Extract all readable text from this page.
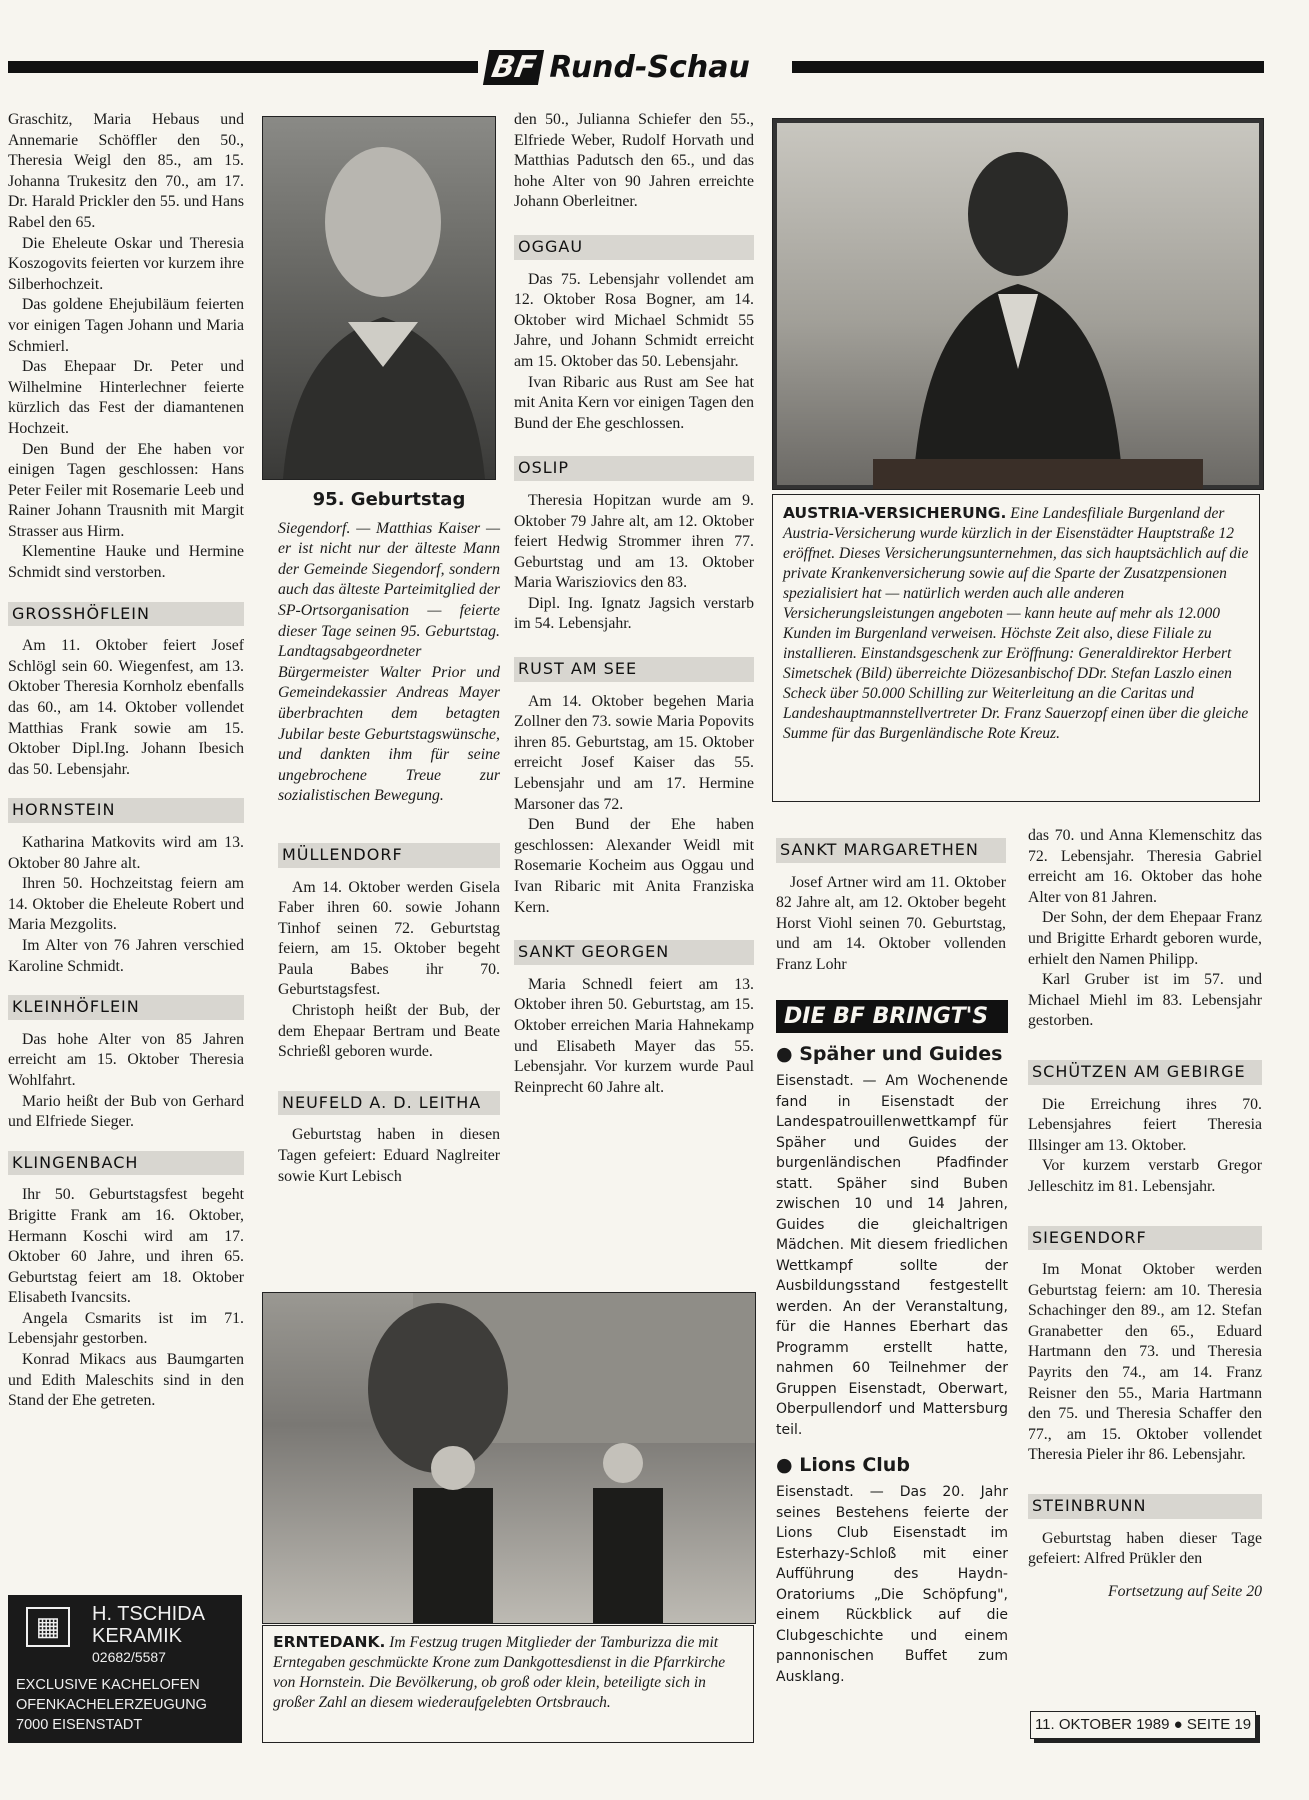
BF Rund-Schau

Graschitz, Maria Hebaus und Annemarie Schöffler den 50., Theresia Weigl den 85., am 15. Johanna Trukesitz den 70., am 17. Dr. Harald Prickler den 55. und Hans Rabel den 65.

Die Eheleute Oskar und Theresia Koszogovits feierten vor kurzem ihre Silberhochzeit.

Das goldene Ehejubiläum feierten vor einigen Tagen Johann und Maria Schmierl.

Das Ehepaar Dr. Peter und Wilhelmine Hinterlechner feierte kürzlich das Fest der diamantenen Hochzeit.

Den Bund der Ehe haben vor einigen Tagen geschlossen: Hans Peter Feiler mit Rosemarie Leeb und Rainer Johann Trausnith mit Margit Strasser aus Hirm.

Klementine Hauke und Hermine Schmidt sind verstorben.

GROSSHÖFLEIN

Am 11. Oktober feiert Josef Schlögl sein 60. Wiegenfest, am 13. Oktober Theresia Kornholz ebenfalls das 60., am 14. Oktober vollendet Matthias Frank sowie am 15. Oktober Dipl.Ing. Johann Ibesich das 50. Lebensjahr.

HORNSTEIN

Katharina Matkovits wird am 13. Oktober 80 Jahre alt.

Ihren 50. Hochzeitstag feiern am 14. Oktober die Eheleute Robert und Maria Mezgolits.

Im Alter von 76 Jahren verschied Karoline Schmidt.

KLEINHÖFLEIN

Das hohe Alter von 85 Jahren erreicht am 15. Oktober Theresia Wohlfahrt.

Mario heißt der Bub von Gerhard und Elfriede Sieger.

KLINGENBACH

Ihr 50. Geburtstagsfest begeht Brigitte Frank am 16. Oktober, Hermann Koschi wird am 17. Oktober 60 Jahre, und ihren 65. Geburtstag feiert am 18. Oktober Elisabeth Ivancsits.

Angela Csmarits ist im 71. Lebensjahr gestorben.

Konrad Mikacs aus Baumgarten und Edith Maleschits sind in den Stand der Ehe getreten.

▦	H. TSCHIDA
KERAMIK
02682/5587
EXCLUSIVE KACHELOFEN
OFENKACHELERZEUGUNG
7000 EISENSTADT
95. Geburtstag

Siegendorf. — Matthias Kaiser — er ist nicht nur der älteste Mann der Gemeinde Siegendorf, sondern auch das älteste Parteimitglied der SP-Ortsorganisation — feierte dieser Tage seinen 95. Geburtstag. Landtagsabgeordneter Bürgermeister Walter Prior und Gemeindekassier Andreas Mayer überbrachten dem betagten Jubilar beste Geburtstagswünsche, und dankten ihm für seine ungebrochene Treue zur sozialistischen Bewegung.

MÜLLENDORF

Am 14. Oktober werden Gisela Faber ihren 60. sowie Johann Tinhof seinen 72. Geburtstag feiern, am 15. Oktober begeht Paula Babes ihr 70. Geburtstagsfest.

Christoph heißt der Bub, der dem Ehepaar Bertram und Beate Schrießl geboren wurde.

NEUFELD A. D. LEITHA

Geburtstag haben in diesen Tagen gefeiert: Eduard Naglreiter sowie Kurt Lebisch

den 50., Julianna Schiefer den 55., Elfriede Weber, Rudolf Horvath und Matthias Padutsch den 65., und das hohe Alter von 90 Jahren erreichte Johann Oberleitner.

OGGAU

Das 75. Lebensjahr vollendet am 12. Oktober Rosa Bogner, am 14. Oktober wird Michael Schmidt 55 Jahre, und Johann Schmidt erreicht am 15. Oktober das 50. Lebensjahr.

Ivan Ribaric aus Rust am See hat mit Anita Kern vor einigen Tagen den Bund der Ehe geschlossen.

OSLIP

Theresia Hopitzan wurde am 9. Oktober 79 Jahre alt, am 12. Oktober feiert Hedwig Strommer ihren 77. Geburtstag und am 13. Oktober Maria Warisziovics den 83.

Dipl. Ing. Ignatz Jagsich verstarb im 54. Lebensjahr.

RUST AM SEE

Am 14. Oktober begehen Maria Zollner den 73. sowie Maria Popovits ihren 85. Geburtstag, am 15. Oktober erreicht Josef Kaiser das 55. Lebensjahr und am 17. Hermine Marsoner das 72.

Den Bund der Ehe haben geschlossen: Alexander Weidl mit Rosemarie Kocheim aus Oggau und Ivan Ribaric mit Anita Franziska Kern.

SANKT GEORGEN

Maria Schnedl feiert am 13. Oktober ihren 50. Geburtstag, am 15. Oktober erreichen Maria Hahnekamp und Elisabeth Mayer das 55. Lebensjahr. Vor kurzem wurde Paul Reinprecht 60 Jahre alt.

AUSTRIA-VERSICHERUNG. Eine Landesfiliale Burgenland der Austria-Versicherung wurde kürzlich in der Eisenstädter Hauptstraße 12 eröffnet. Dieses Versicherungsunternehmen, das sich hauptsächlich auf die private Krankenversicherung sowie auf die Sparte der Zusatzpensionen spezialisiert hat — natürlich werden auch alle anderen Versicherungsleistungen angeboten — kann heute auf mehr als 12.000 Kunden im Burgenland verweisen. Höchste Zeit also, diese Filiale zu installieren. Einstandsgeschenk zur Eröffnung: Generaldirektor Herbert Simetschek (Bild) überreichte Diözesanbischof DDr. Stefan Laszlo einen Scheck über 50.000 Schilling zur Weiterleitung an die Caritas und Landeshauptmannstellvertreter Dr. Franz Sauerzopf einen über die gleiche Summe für das Burgenländische Rote Kreuz.
SANKT MARGARETHEN

Josef Artner wird am 11. Oktober 82 Jahre alt, am 12. Oktober begeht Horst Viohl seinen 70. Geburtstag, und am 14. Oktober vollenden Franz Lohr

DIE BF BRINGT'S
● Späher und Guides
Eisenstadt. — Am Wochenende fand in Eisenstadt der Landespatrouillenwettkampf für Späher und Guides der burgenländischen Pfadfinder statt. Späher sind Buben zwischen 10 und 14 Jahren, Guides die gleichaltrigen Mädchen. Mit diesem friedlichen Wettkampf sollte der Ausbildungsstand festgestellt werden. An der Veranstaltung, für die Hannes Eberhart das Programm erstellt hatte, nahmen 60 Teilnehmer der Gruppen Eisenstadt, Oberwart, Oberpullendorf und Mattersburg teil.
● Lions Club
Eisenstadt. — Das 20. Jahr seines Bestehens feierte der Lions Club Eisenstadt im Esterhazy-Schloß mit einer Aufführung des Haydn-Oratoriums „Die Schöpfung", einem Rückblick auf die Clubgeschichte und einem pannonischen Buffet zum Ausklang.

das 70. und Anna Klemenschitz das 72. Lebensjahr. Theresia Gabriel erreicht am 16. Oktober das hohe Alter von 81 Jahren.

Der Sohn, der dem Ehepaar Franz und Brigitte Erhardt geboren wurde, erhielt den Namen Philipp.

Karl Gruber ist im 57. und Michael Miehl im 83. Lebensjahr gestorben.

SCHÜTZEN AM GEBIRGE

Die Erreichung ihres 70. Lebensjahres feiert Theresia Illsinger am 13. Oktober.

Vor kurzem verstarb Gregor Jelleschitz im 81. Lebensjahr.

SIEGENDORF

Im Monat Oktober werden Geburtstag feiern: am 10. Theresia Schachinger den 89., am 12. Stefan Granabetter den 65., Eduard Hartmann den 73. und Theresia Payrits den 74., am 14. Franz Reisner den 55., Maria Hartmann den 75. und Theresia Schaffer den 77., am 15. Oktober vollendet Theresia Pieler ihr 86. Lebensjahr.

STEINBRUNN

Geburtstag haben dieser Tage gefeiert: Alfred Prükler den

Fortsetzung auf Seite 20
ERNTEDANK. Im Festzug trugen Mitglieder der Tamburizza die mit Erntegaben geschmückte Krone zum Dankgottesdienst in die Pfarrkirche von Hornstein. Die Bevölkerung, ob groß oder klein, beteiligte sich in großer Zahl an diesem wiederaufgelebten Ortsbrauch.
11. OKTOBER 1989 ● SEITE 19
